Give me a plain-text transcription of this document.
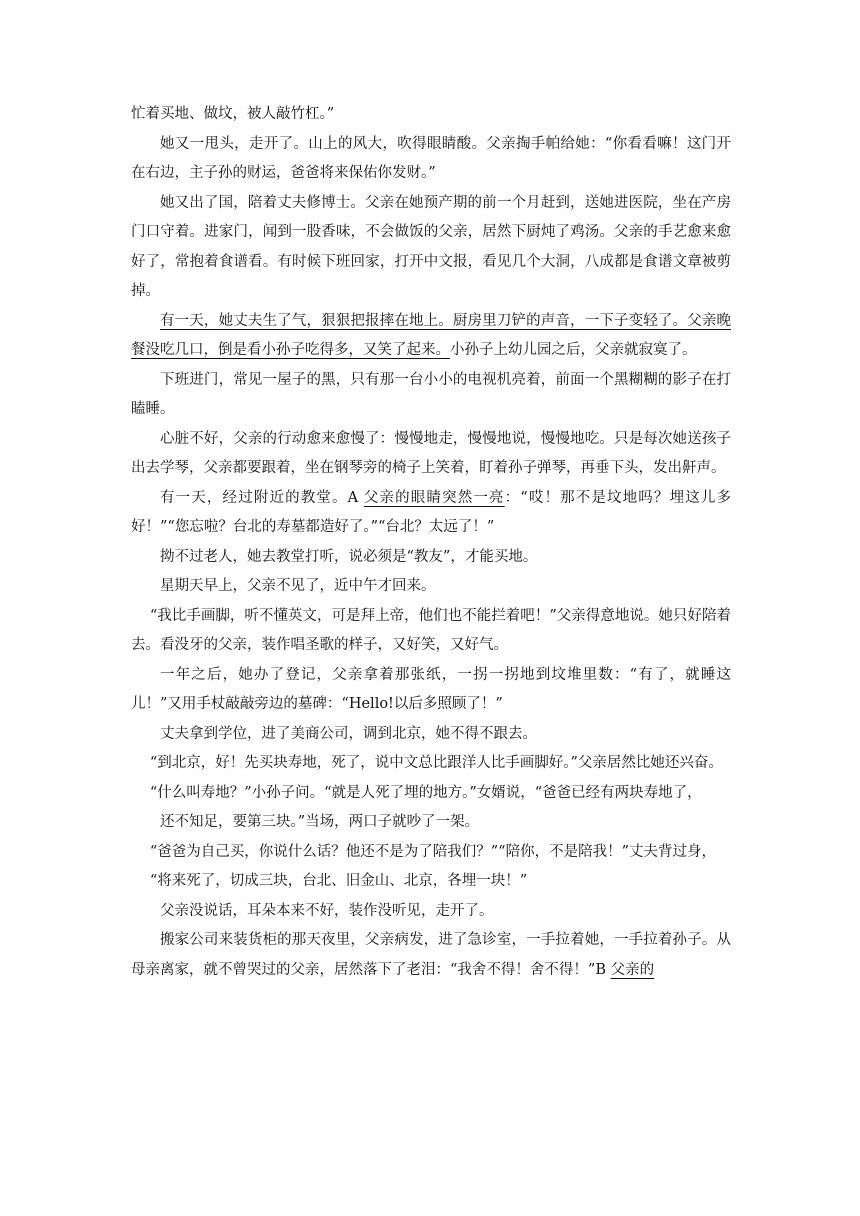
忙着买地、做坟，被人敲竹杠。”

她又一甩头，走开了。山上的风大，吹得眼睛酸。父亲掏手帕给她：“你看看嘛！这门开在右边，主子孙的财运，爸爸将来保佑你发财。”

她又出了国，陪着丈夫修博士。父亲在她预产期的前一个月赶到，送她进医院，坐在产房门口守着。进家门，闻到一股香味，不会做饭的父亲，居然下厨炖了鸡汤。父亲的手艺愈来愈好了，常抱着食谱看。有时候下班回家，打开中文报，看见几个大洞，八成都是食谱文章被剪掉。

有一天，她丈夫生了气，狠狠把报摔在地上。厨房里刀铲的声音，一下子变轻了。父亲晚餐没吃几口，倒是看小孙子吃得多，又笑了起来。小孙子上幼儿园之后，父亲就寂寞了。

下班进门，常见一屋子的黑，只有那一台小小的电视机亮着，前面一个黑糊糊的影子在打瞌睡。

心脏不好，父亲的行动愈来愈慢了：慢慢地走，慢慢地说，慢慢地吃。只是每次她送孩子出去学琴，父亲都要跟着，坐在钢琴旁的椅子上笑着，盯着孙子弹琴，再垂下头，发出鼾声。

有一天，经过附近的教堂。A 父亲的眼睛突然一亮：“哎！那不是坟地吗？埋这儿多好！”“您忘啦？台北的寿墓都造好了。”“台北？太远了！”

拗不过老人，她去教堂打听，说必须是“教友”，才能买地。

星期天早上，父亲不见了，近中午才回来。

“我比手画脚，听不懂英文，可是拜上帝，他们也不能拦着吧！”父亲得意地说。她只好陪着去。看没牙的父亲，装作唱圣歌的样子，又好笑，又好气。

一年之后，她办了登记，父亲拿着那张纸，一拐一拐地到坟堆里数：“有了，就睡这儿！”又用手杖敲敲旁边的墓碑：“Hello!以后多照顾了！”

丈夫拿到学位，进了美商公司，调到北京，她不得不跟去。

“到北京，好！先买块寿地，死了，说中文总比跟洋人比手画脚好。”父亲居然比她还兴奋。

“什么叫寿地？”小孙子问。“就是人死了埋的地方。”女婿说，“爸爸已经有两块寿地了，

还不知足，要第三块。”当场，两口子就吵了一架。

“爸爸为自己买，你说什么话？他还不是为了陪我们？”“陪你，不是陪我！”丈夫背过身，

“将来死了，切成三块，台北、旧金山、北京，各埋一块！”

父亲没说话，耳朵本来不好，装作没听见，走开了。

搬家公司来装货柜的那天夜里，父亲病发，进了急诊室，一手拉着她，一手拉着孙子。从母亲离家，就不曾哭过的父亲，居然落下了老泪：“我舍不得！舍不得！”B 父亲的
